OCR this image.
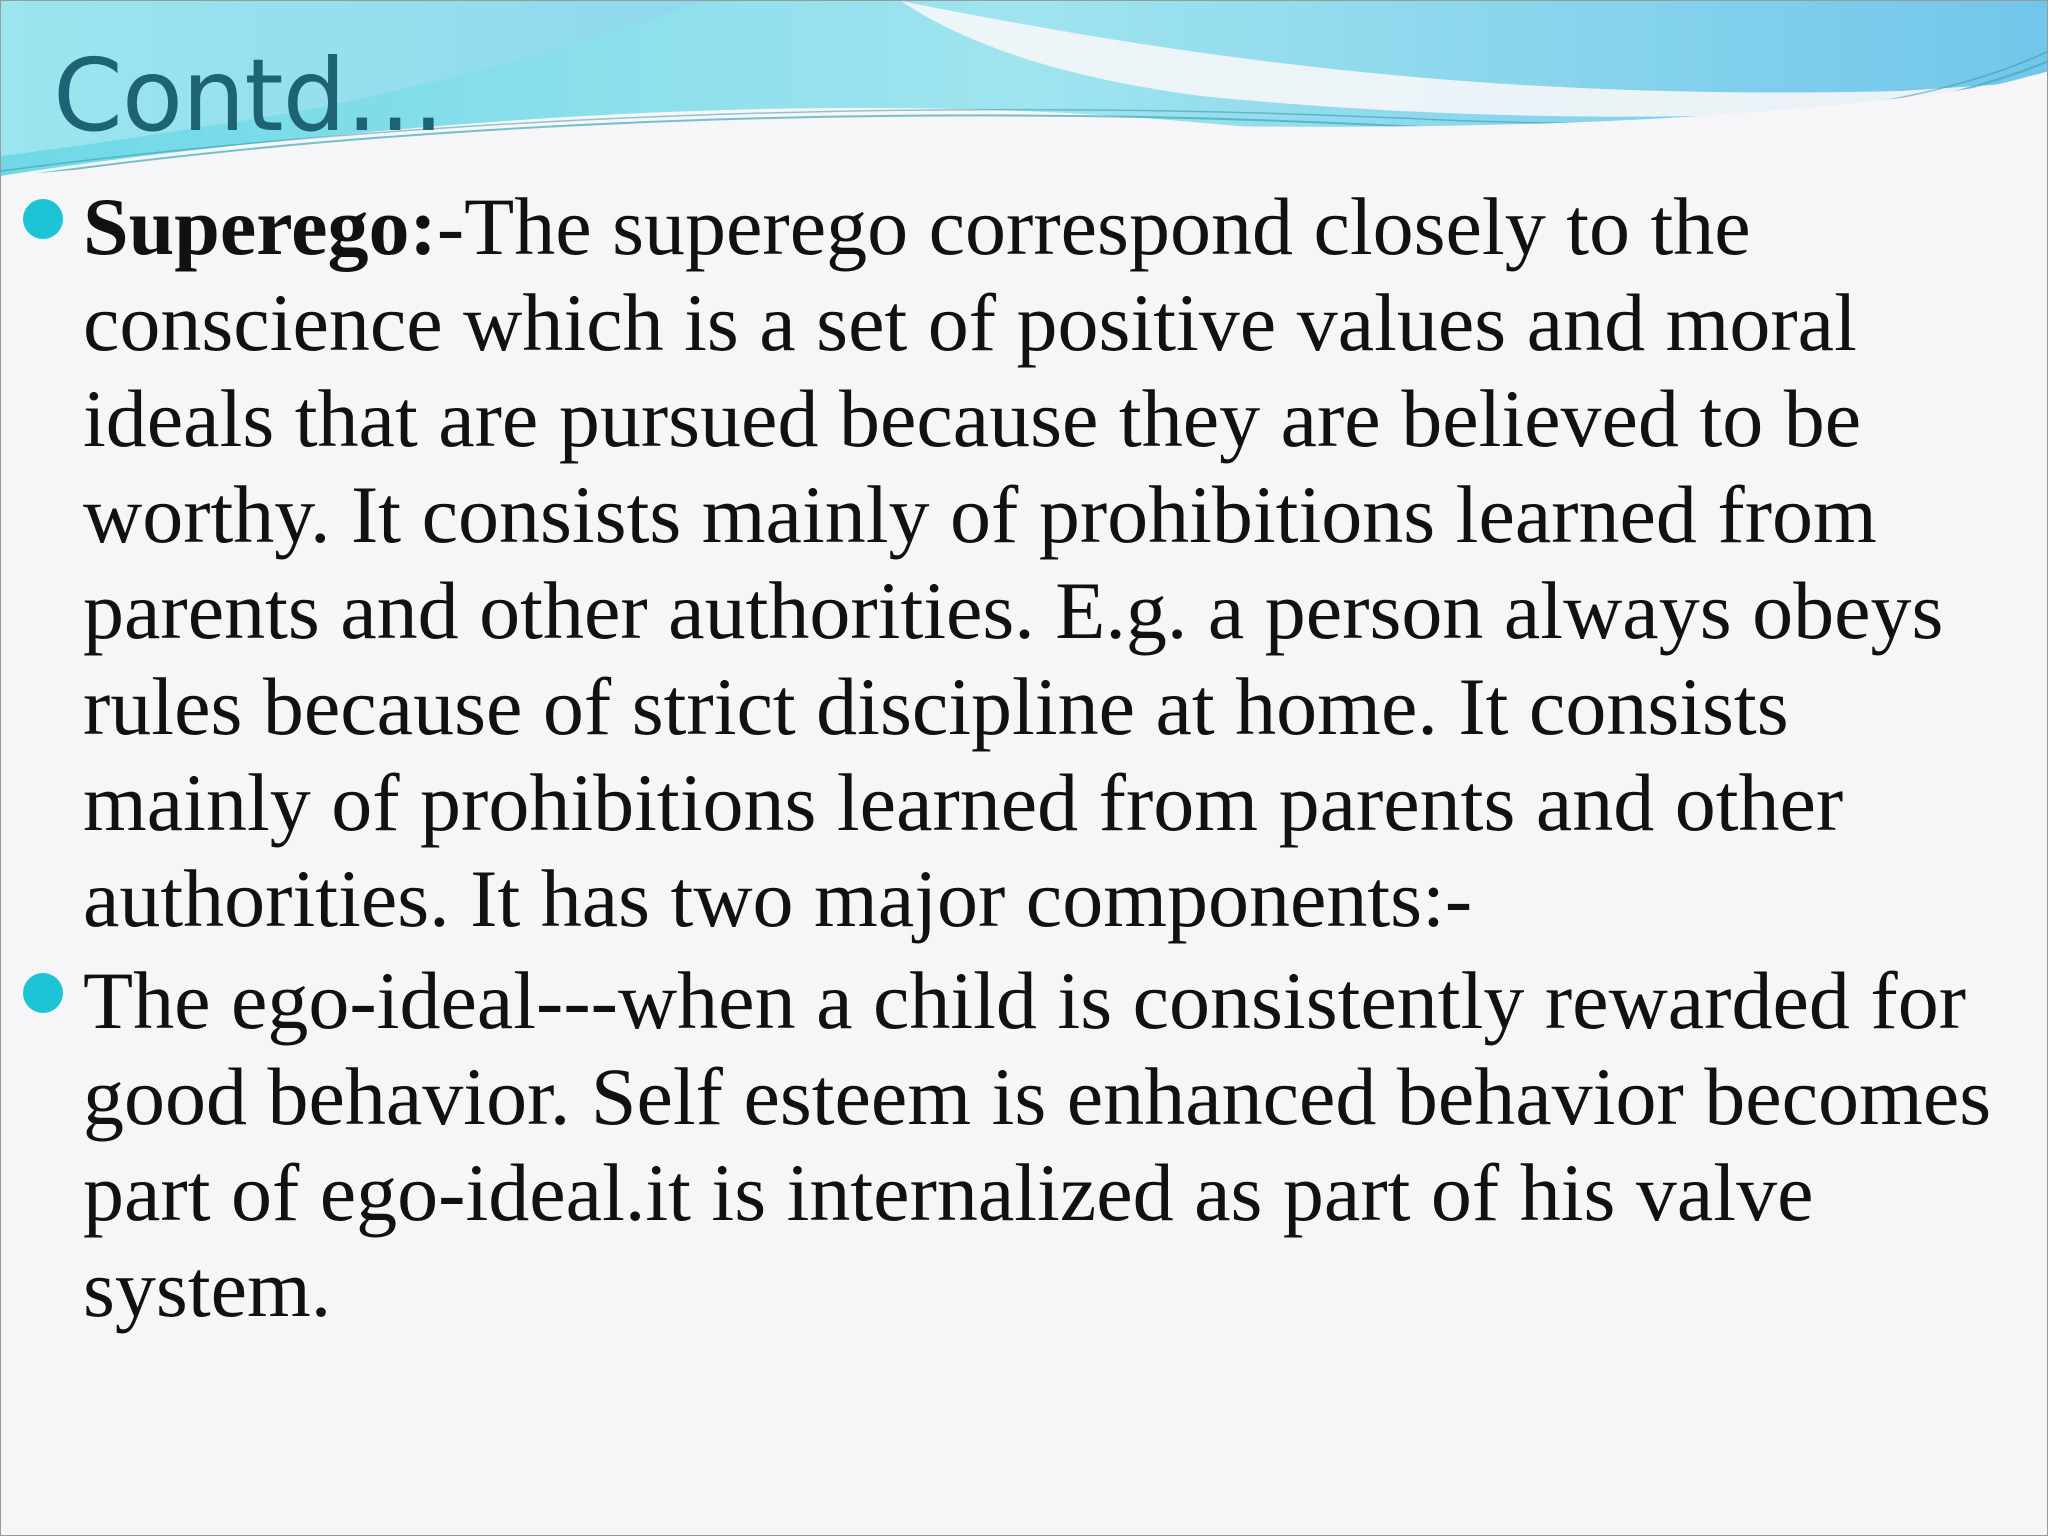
Contd…

Superego:-The superego correspond closely to the conscience which is a set of positive values and moral ideals that are pursued because they are believed to be worthy. It consists mainly of prohibitions learned from parents and other authorities. E.g. a person always obeys rules because of strict discipline at home. It consists mainly of prohibitions learned from parents and other authorities. It has two major components:-

The ego-ideal---when a child is consistently rewarded for good behavior. Self esteem is enhanced behavior becomes part of ego-ideal.it is internalized as part of his valve system.
